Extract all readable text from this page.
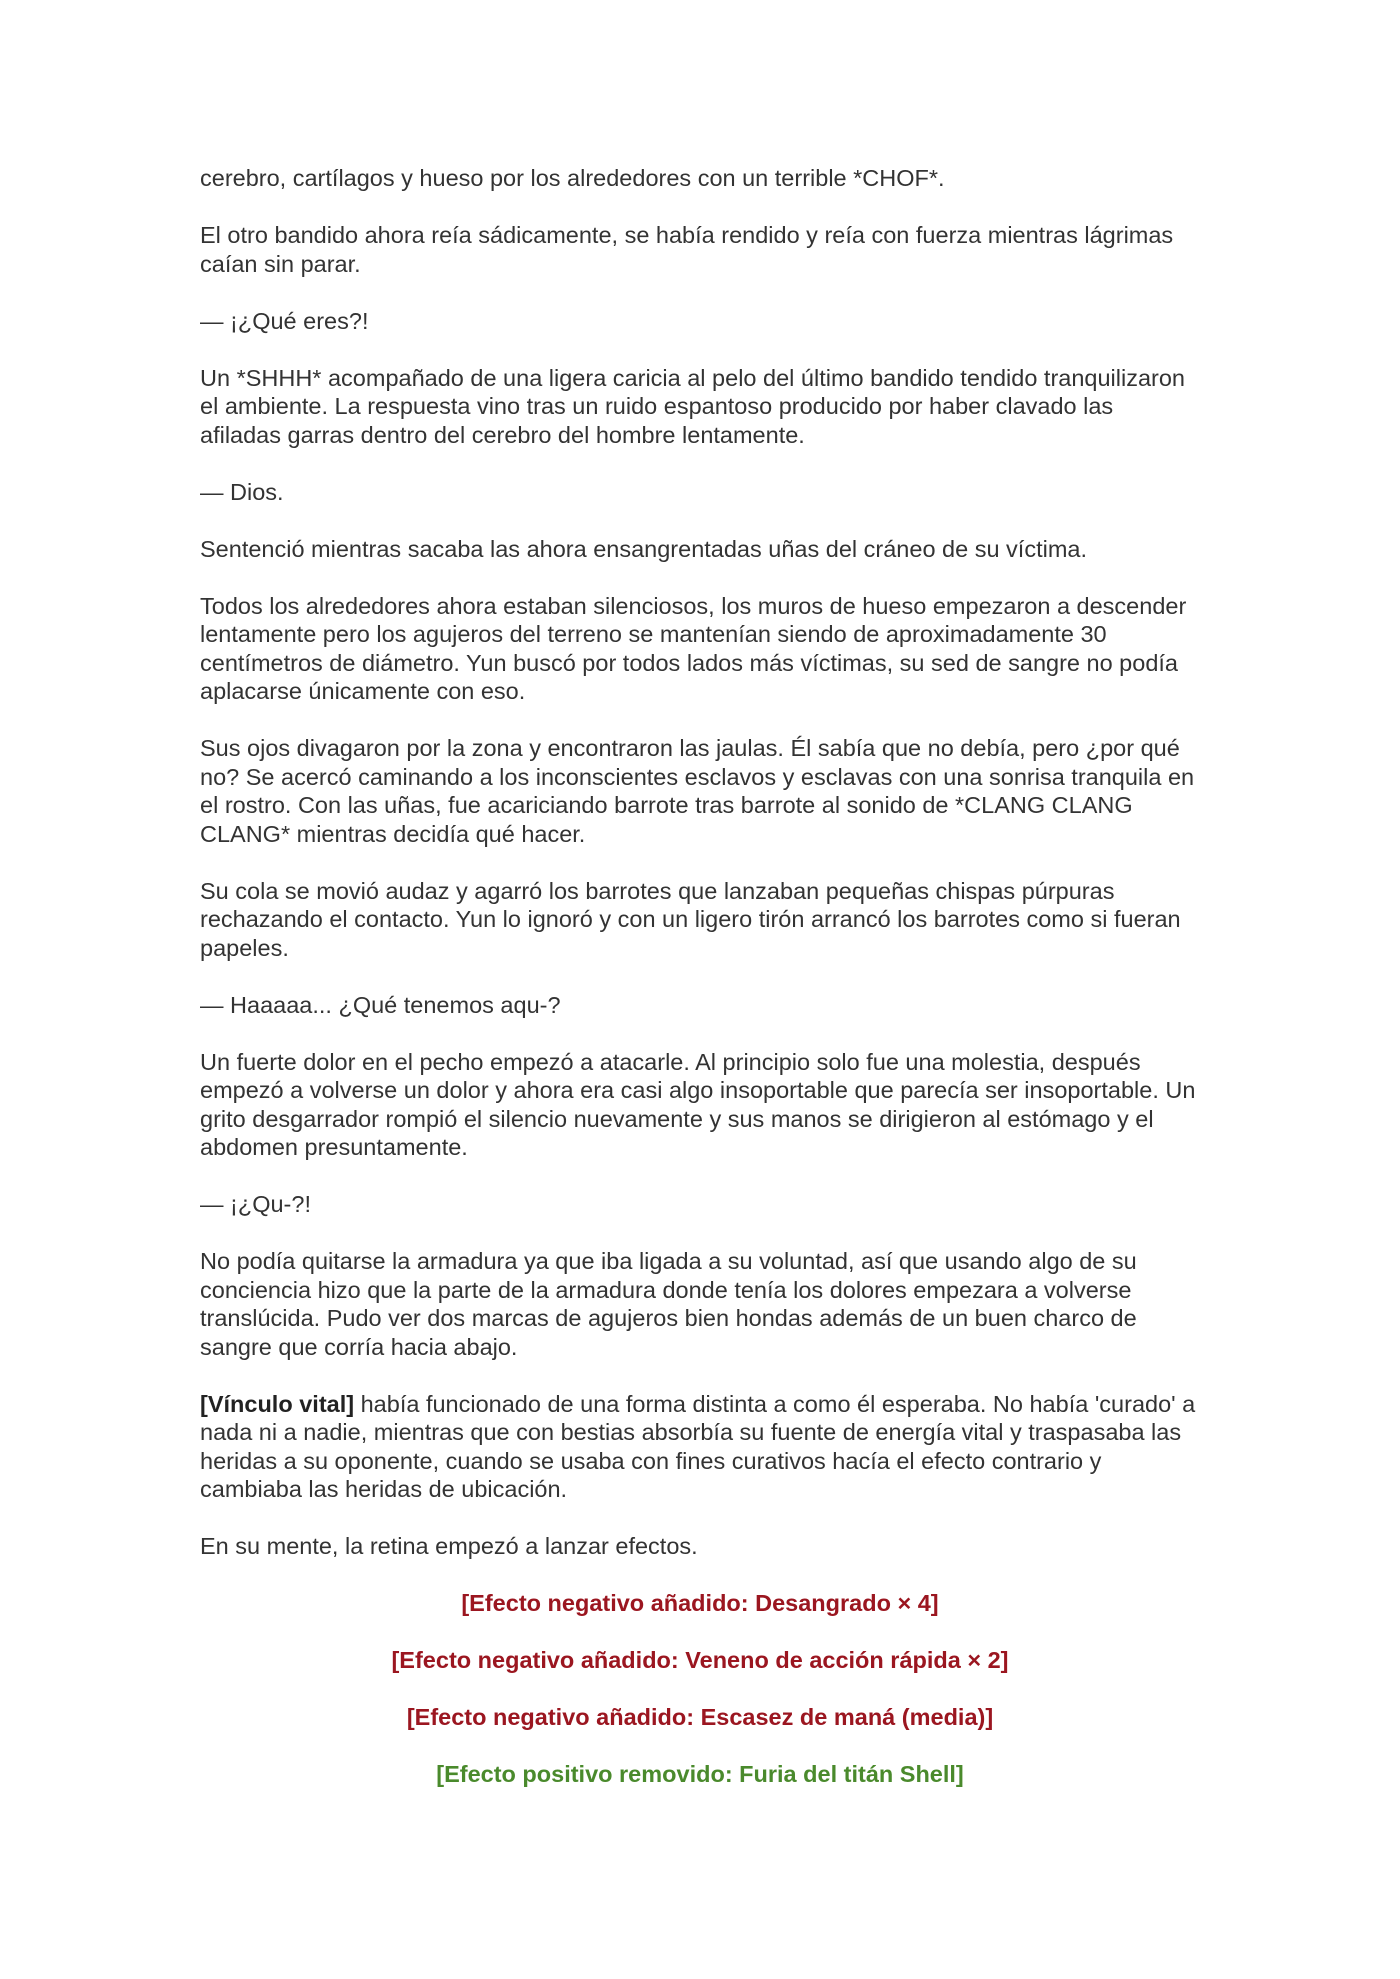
cerebro, cartílagos y hueso por los alrededores con un terrible *CHOF*.

El otro bandido ahora reía sádicamente, se había rendido y reía con fuerza mientras lágrimas caían sin parar.

— ¡¿Qué eres?!

Un *SHHH* acompañado de una ligera caricia al pelo del último bandido tendido tranquilizaron el ambiente. La respuesta vino tras un ruido espantoso producido por haber clavado las afiladas garras dentro del cerebro del hombre lentamente.

— Dios.

Sentenció mientras sacaba las ahora ensangrentadas uñas del cráneo de su víctima.

Todos los alrededores ahora estaban silenciosos, los muros de hueso empezaron a descender lentamente pero los agujeros del terreno se mantenían siendo de aproximadamente 30 centímetros de diámetro. Yun buscó por todos lados más víctimas, su sed de sangre no podía aplacarse únicamente con eso.

Sus ojos divagaron por la zona y encontraron las jaulas. Él sabía que no debía, pero ¿por qué no? Se acercó caminando a los inconscientes esclavos y esclavas con una sonrisa tranquila en el rostro. Con las uñas, fue acariciando barrote tras barrote al sonido de *CLANG CLANG CLANG* mientras decidía qué hacer.

Su cola se movió audaz y agarró los barrotes que lanzaban pequeñas chispas púrpuras rechazando el contacto. Yun lo ignoró y con un ligero tirón arrancó los barrotes como si fueran papeles.

— Haaaaa... ¿Qué tenemos aqu-?

Un fuerte dolor en el pecho empezó a atacarle. Al principio solo fue una molestia, después empezó a volverse un dolor y ahora era casi algo insoportable que parecía ser insoportable. Un grito desgarrador rompió el silencio nuevamente y sus manos se dirigieron al estómago y el abdomen presuntamente.

— ¡¿Qu-?!

No podía quitarse la armadura ya que iba ligada a su voluntad, así que usando algo de su conciencia hizo que la parte de la armadura donde tenía los dolores empezara a volverse translúcida. Pudo ver dos marcas de agujeros bien hondas además de un buen charco de sangre que corría hacia abajo.

[Vínculo vital] había funcionado de una forma distinta a como él esperaba. No había 'curado' a nada ni a nadie, mientras que con bestias absorbía su fuente de energía vital y traspasaba las heridas a su oponente, cuando se usaba con fines curativos hacía el efecto contrario y cambiaba las heridas de ubicación.

En su mente, la retina empezó a lanzar efectos.

[Efecto negativo añadido: Desangrado × 4]

[Efecto negativo añadido: Veneno de acción rápida × 2]

[Efecto negativo añadido: Escasez de maná (media)]

[Efecto positivo removido: Furia del titán Shell]
